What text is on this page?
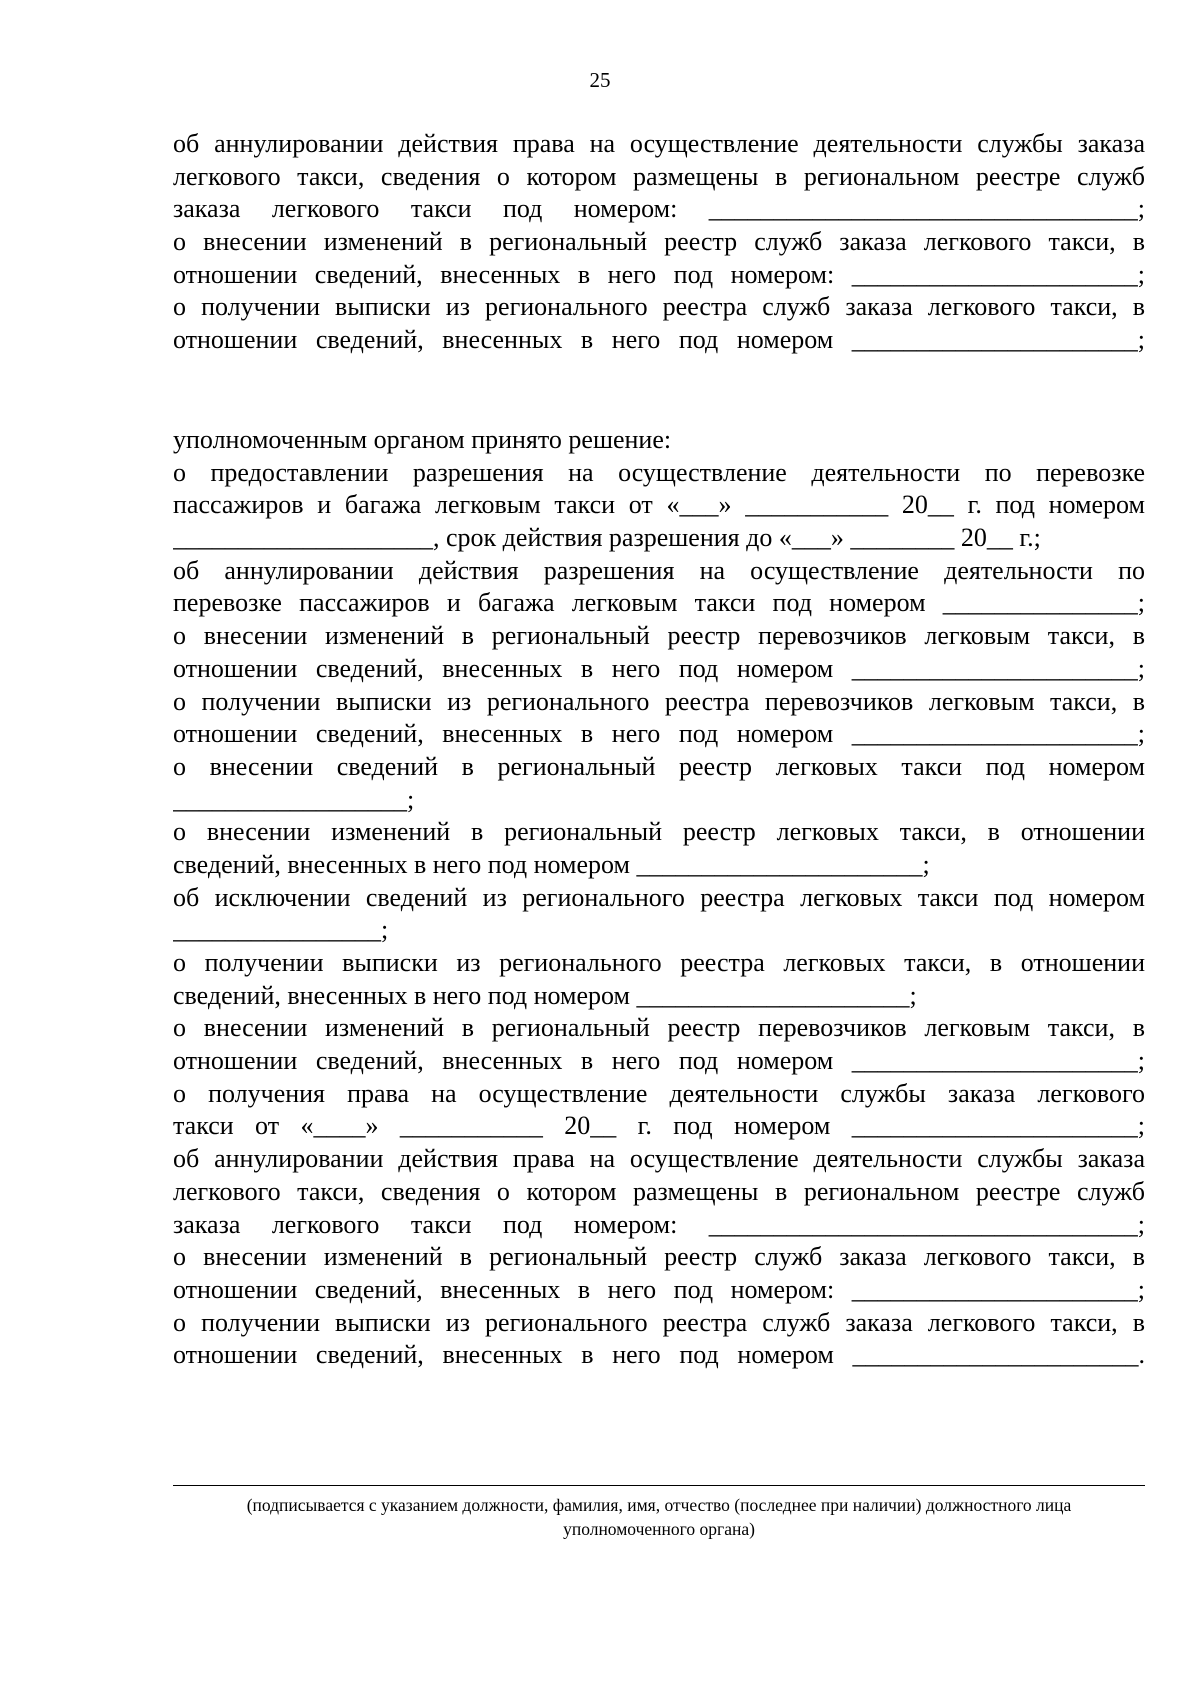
25
об аннулировании действия права на осуществление деятельности службы заказа
легкового такси, сведения о котором размещены в региональном реестре служб
заказа легкового такси под номером: _________________________________;
о внесении изменений в региональный реестр служб заказа легкового такси, в
отношении сведений, внесенных в него под номером: ______________________;
о получении выписки из регионального реестра служб заказа легкового такси, в
отношении сведений, внесенных в него под номером ______________________;
уполномоченным органом принято решение:
о предоставлении разрешения на осуществление деятельности по перевозке
пассажиров и багажа легковым такси от «___» ___________ 20__ г. под номером
____________________, срок действия разрешения до «___» ________ 20__ г.;
об аннулировании действия разрешения на осуществление деятельности по
перевозке пассажиров и багажа легковым такси под номером _______________;
о внесении изменений в региональный реестр перевозчиков легковым такси, в
отношении сведений, внесенных в него под номером ______________________;
о получении выписки из регионального реестра перевозчиков легковым такси, в
отношении сведений, внесенных в него под номером ______________________;
о внесении сведений в региональный реестр легковых такси под номером
__________________;
о внесении изменений в региональный реестр легковых такси, в отношении
сведений, внесенных в него под номером ______________________;
об исключении сведений из регионального реестра легковых такси под номером
________________;
о получении выписки из регионального реестра легковых такси, в отношении
сведений, внесенных в него под номером _____________________;
о внесении изменений в региональный реестр перевозчиков легковым такси, в
отношении сведений, внесенных в него под номером ______________________;
о получения права на осуществление деятельности службы заказа легкового
такси от «____» ___________ 20__ г. под номером ______________________;
об аннулировании действия права на осуществление деятельности службы заказа
легкового такси, сведения о котором размещены в региональном реестре служб
заказа легкового такси под номером: _________________________________;
о внесении изменений в региональный реестр служб заказа легкового такси, в
отношении сведений, внесенных в него под номером: ______________________;
о получении выписки из регионального реестра служб заказа легкового такси, в
отношении сведений, внесенных в него под номером ______________________.
(подписывается с указанием должности, фамилия, имя, отчество (последнее при наличии) должностного лица
уполномоченного органа)
